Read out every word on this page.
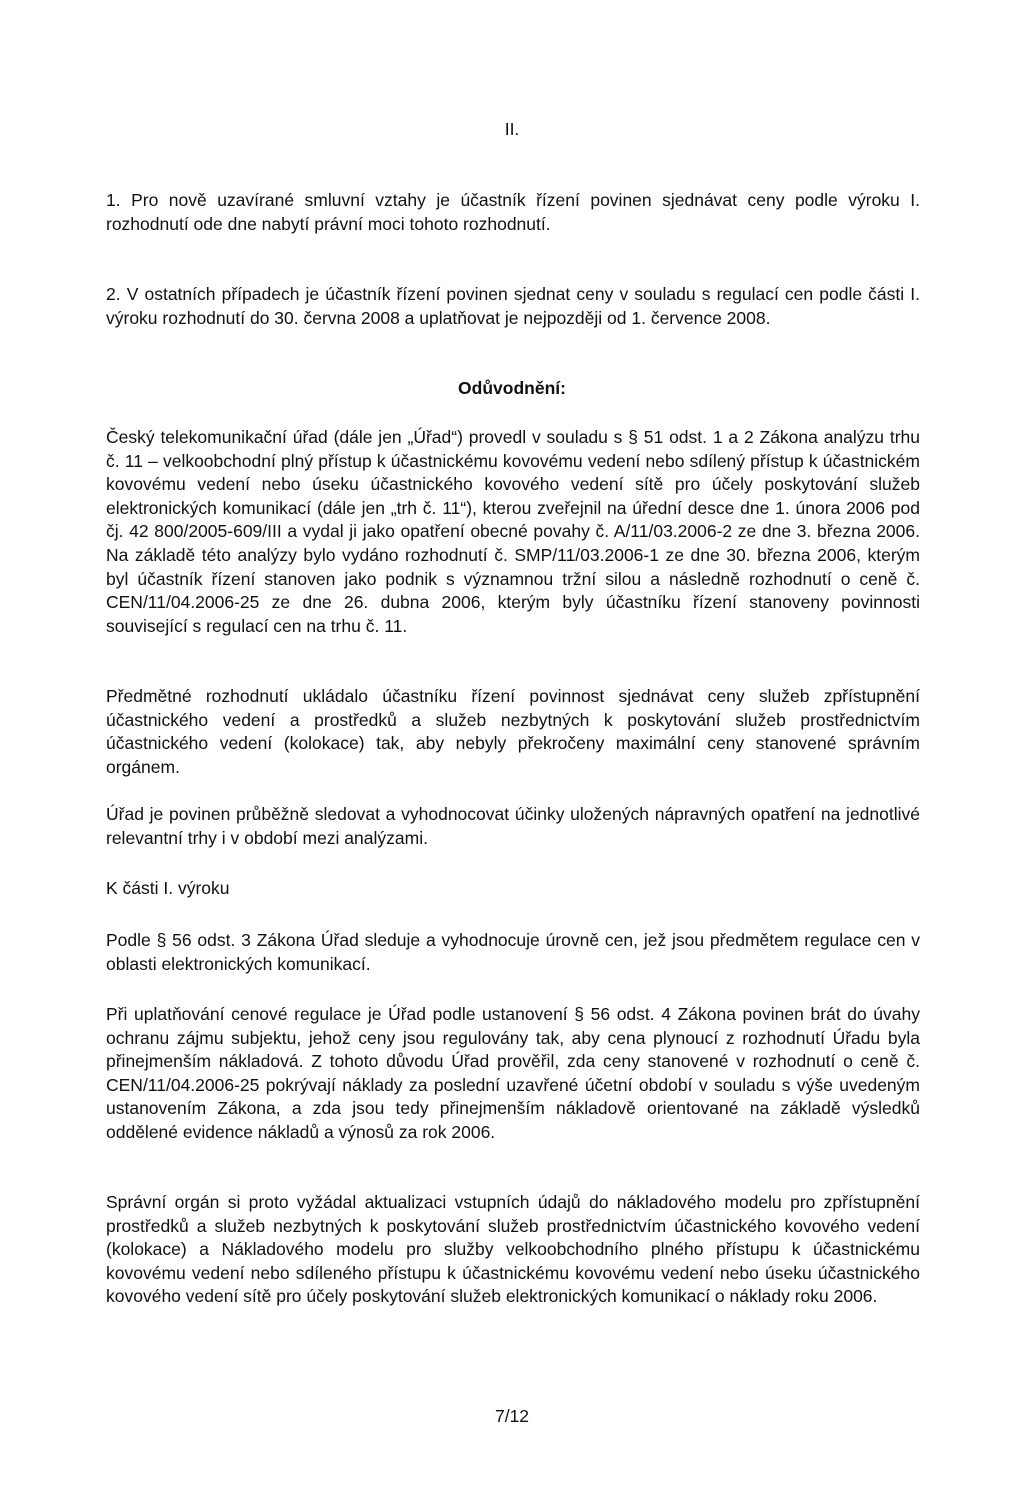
II.

1. Pro nově uzavírané smluvní vztahy je účastník řízení povinen sjednávat ceny podle výroku I. rozhodnutí ode dne nabytí právní moci tohoto rozhodnutí.

2. V ostatních případech je účastník řízení povinen sjednat ceny v souladu s regulací cen podle části I. výroku rozhodnutí do 30. června 2008 a uplatňovat je nejpozději od 1. července 2008.

Odůvodnění:

Český telekomunikační úřad (dále jen „Úřad“) provedl v souladu s § 51 odst. 1 a 2 Zákona analýzu trhu č. 11 – velkoobchodní plný přístup k účastnickému kovovému vedení nebo sdílený přístup k účastnickém kovovému vedení nebo úseku účastnického kovového vedení sítě pro účely poskytování služeb elektronických komunikací (dále jen „trh č. 11“), kterou zveřejnil na úřední desce dne 1. února 2006 pod čj. 42 800/2005-609/III a vydal ji jako opatření obecné povahy č. A/11/03.2006-2 ze dne 3. března 2006. Na základě této analýzy bylo vydáno rozhodnutí č. SMP/11/03.2006-1 ze dne 30. března 2006, kterým byl účastník řízení stanoven jako podnik s významnou tržní silou a následně rozhodnutí o ceně č. CEN/11/04.2006-25 ze dne 26. dubna 2006, kterým byly účastníku řízení stanoveny povinnosti související s regulací cen na trhu č. 11.

Předmětné rozhodnutí ukládalo účastníku řízení povinnost sjednávat ceny služeb zpřístupnění účastnického vedení a prostředků a služeb nezbytných k poskytování služeb prostřednictvím účastnického vedení (kolokace) tak, aby nebyly překročeny maximální ceny stanovené správním orgánem.

Úřad je povinen průběžně sledovat a vyhodnocovat účinky uložených nápravných opatření na jednotlivé relevantní trhy i v období mezi analýzami.

K části I. výroku

Podle § 56 odst. 3 Zákona Úřad sleduje a vyhodnocuje úrovně cen, jež jsou předmětem regulace cen v oblasti elektronických komunikací.

Při uplatňování cenové regulace je Úřad podle ustanovení § 56 odst. 4 Zákona povinen brát do úvahy ochranu zájmu subjektu, jehož ceny jsou regulovány tak, aby cena plynoucí z rozhodnutí Úřadu byla přinejmenším nákladová. Z tohoto důvodu Úřad prověřil, zda ceny stanovené v rozhodnutí o ceně č. CEN/11/04.2006-25 pokrývají náklady za poslední uzavřené účetní období v souladu s výše uvedeným ustanovením Zákona, a zda jsou tedy přinejmenším nákladově orientované na základě výsledků oddělené evidence nákladů a výnosů za rok 2006.

Správní orgán si proto vyžádal aktualizaci vstupních údajů do nákladového modelu pro zpřístupnění prostředků a služeb nezbytných k poskytování služeb prostřednictvím účastnického kovového vedení (kolokace) a Nákladového modelu pro služby velkoobchodního plného přístupu k účastnickému kovovému vedení nebo sdíleného přístupu k účastnickému kovovému vedení nebo úseku účastnického kovového vedení sítě pro účely poskytování služeb elektronických komunikací o náklady roku 2006.

7/12
